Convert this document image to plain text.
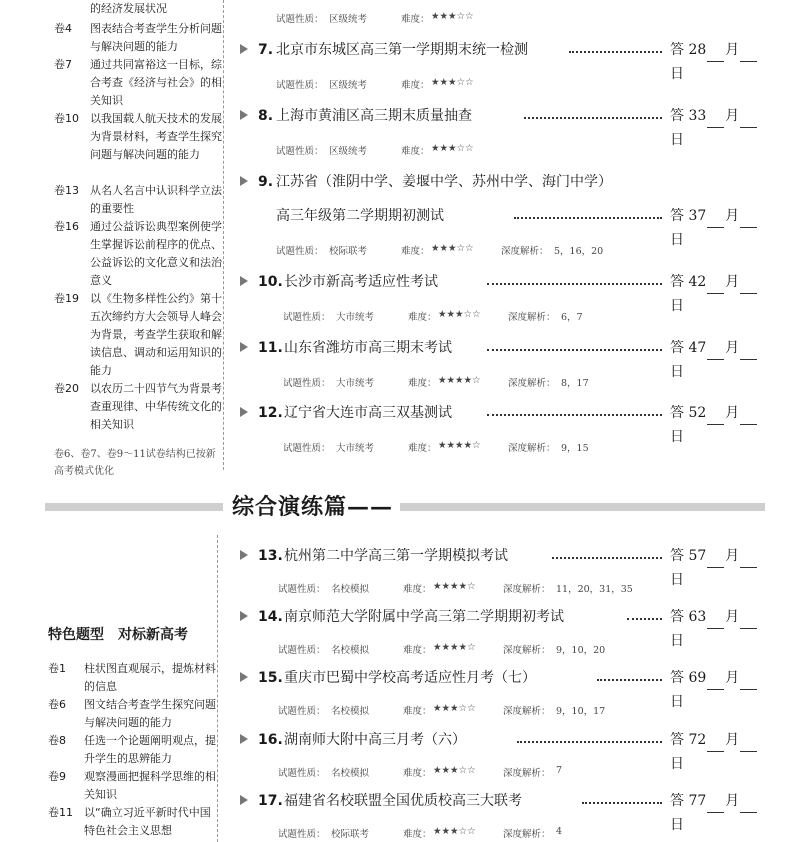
的经济发展状况
卷4	图表结合考查学生分析问题与解决问题的能力
卷7	通过共同富裕这一目标，综合考查《经济与社会》的相关知识
卷10	以我国载人航天技术的发展为背景材料，考查学生探究问题与解决问题的能力
卷13	从名人名言中认识科学立法的重要性
卷16	通过公益诉讼典型案例使学生掌握诉讼前程序的优点、公益诉讼的文化意义和法治意义
卷19	以《生物多样性公约》第十五次缔约方大会领导人峰会为背景，考查学生获取和解读信息、调动和运用知识的能力
卷20	以农历二十四节气为背景考查重现律、中华传统文化的相关知识
卷6、卷7、卷9～11试卷结构已按新高考模式优化
综合演练篇——
特色题型　对标新高考
卷1	柱状图直观展示，提炼材料的信息
卷6	图文结合考查学生探究问题与解决问题的能力
卷8	任选一个论题阐明观点，提升学生的思辨能力
卷9	观察漫画把握科学思维的相关知识
卷11	以“确立习近平新时代中国特色社会主义思想
试题性质： 区级统考	难度： ★★★☆☆
7. 北京市东城区高三第一学期期末统一检测	答 28 月日
试题性质： 区级统考	难度： ★★★☆☆
8. 上海市黄浦区高三期末质量抽查	答 33 月日
试题性质： 区级统考	难度： ★★★☆☆
9. 江苏省（淮阴中学、姜堰中学、苏州中学、海门中学）
高三年级第二学期期初测试	答 37 月日
试题性质： 校际联考	难度： ★★★☆☆	深度解析： 5，16，20
10. 长沙市新高考适应性考试	答 42 月日
试题性质： 大市统考	难度： ★★★☆☆	深度解析： 6，7
11. 山东省潍坊市高三期末考试	答 47 月日
试题性质： 大市统考	难度： ★★★★☆	深度解析： 8，17
12. 辽宁省大连市高三双基测试	答 52 月日
试题性质： 大市统考	难度： ★★★★☆	深度解析： 9，15
13. 杭州第二中学高三第一学期模拟考试	答 57 月日
试题性质： 名校模拟	难度： ★★★★☆	深度解析： 11，20，31，35
14. 南京师范大学附属中学高三第二学期期初考试	答 63 月日
试题性质： 名校模拟	难度： ★★★★☆	深度解析： 9，10，20
15. 重庆市巴蜀中学校高考适应性月考（七）	答 69 月日
试题性质： 名校模拟	难度： ★★★☆☆	深度解析： 9，10，17
16. 湖南师大附中高三月考（六）	答 72 月日
试题性质： 名校模拟	难度： ★★★☆☆	深度解析： 7
17. 福建省名校联盟全国优质校高三大联考	答 77 月日
试题性质： 校际联考	难度： ★★★☆☆	深度解析： 4
